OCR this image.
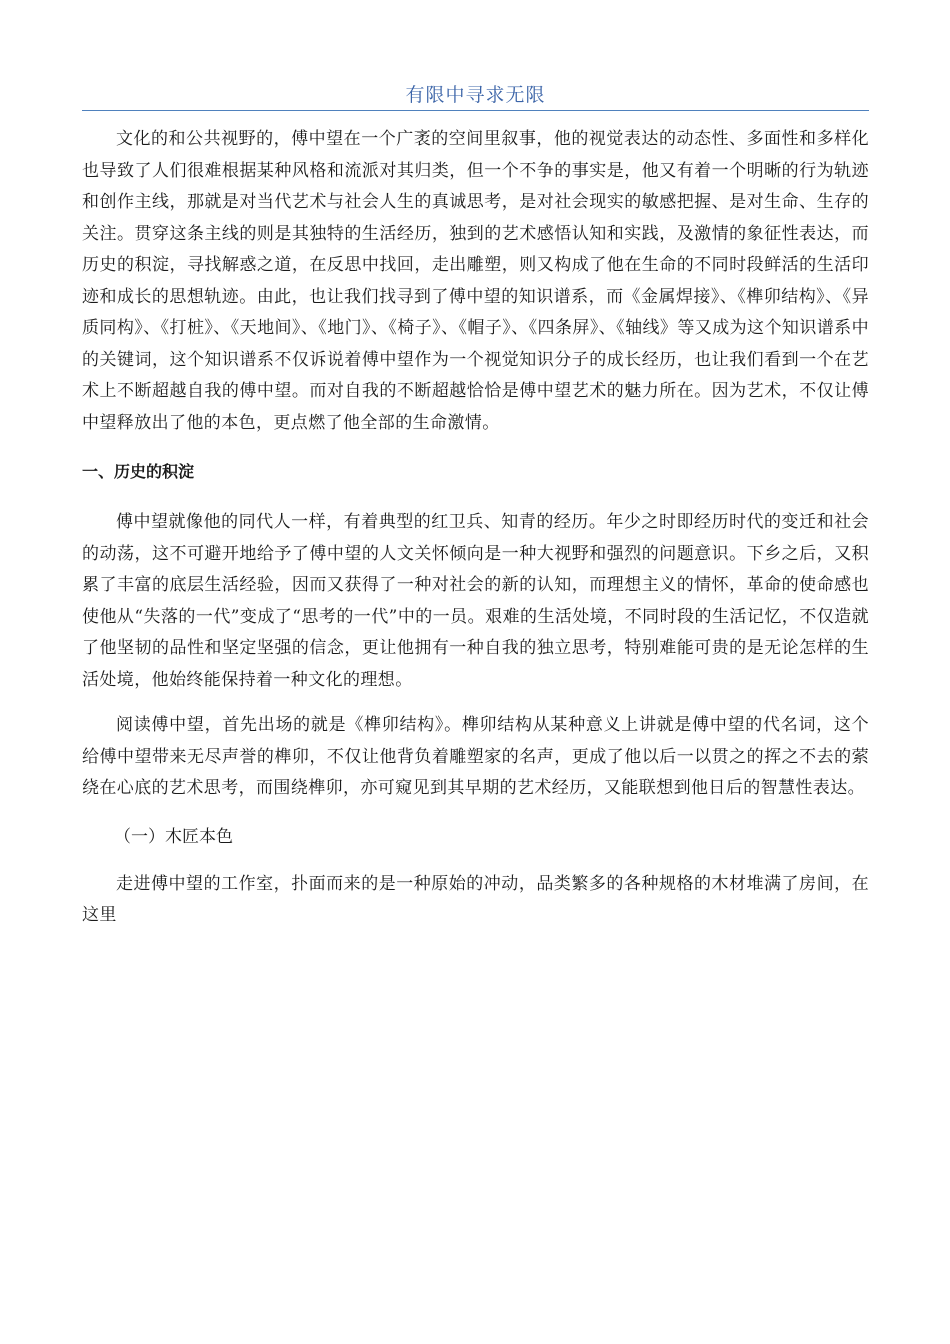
有限中寻求无限

文化的和公共视野的，傅中望在一个广袤的空间里叙事，他的视觉表达的动态性、多面性和多样化也导致了人们很难根据某种风格和流派对其归类，但一个不争的事实是，他又有着一个明晰的行为轨迹和创作主线，那就是对当代艺术与社会人生的真诚思考，是对社会现实的敏感把握、是对生命、生存的关注。贯穿这条主线的则是其独特的生活经历，独到的艺术感悟认知和实践，及激情的象征性表达，而历史的积淀，寻找解惑之道，在反思中找回，走出雕塑，则又构成了他在生命的不同时段鲜活的生活印迹和成长的思想轨迹。由此，也让我们找寻到了傅中望的知识谱系，而《金属焊接》、《榫卯结构》、《异质同构》、《打桩》、《天地间》、《地门》、《椅子》、《帽子》、《四条屏》、《轴线》等又成为这个知识谱系中的关键词，这个知识谱系不仅诉说着傅中望作为一个视觉知识分子的成长经历，也让我们看到一个在艺术上不断超越自我的傅中望。而对自我的不断超越恰恰是傅中望艺术的魅力所在。因为艺术，不仅让傅中望释放出了他的本色，更点燃了他全部的生命激情。

一、历史的积淀

傅中望就像他的同代人一样，有着典型的红卫兵、知青的经历。年少之时即经历时代的变迁和社会的动荡，这不可避开地给予了傅中望的人文关怀倾向是一种大视野和强烈的问题意识。下乡之后，又积累了丰富的底层生活经验，因而又获得了一种对社会的新的认知，而理想主义的情怀，革命的使命感也使他从“失落的一代”变成了“思考的一代”中的一员。艰难的生活处境，不同时段的生活记忆，不仅造就了他坚韧的品性和坚定坚强的信念，更让他拥有一种自我的独立思考，特别难能可贵的是无论怎样的生活处境，他始终能保持着一种文化的理想。

阅读傅中望，首先出场的就是《榫卯结构》。榫卯结构从某种意义上讲就是傅中望的代名词，这个给傅中望带来无尽声誉的榫卯，不仅让他背负着雕塑家的名声，更成了他以后一以贯之的挥之不去的萦绕在心底的艺术思考，而围绕榫卯，亦可窥见到其早期的艺术经历，又能联想到他日后的智慧性表达。

（一）木匠本色

走进傅中望的工作室，扑面而来的是一种原始的冲动，品类繁多的各种规格的木材堆满了房间，在这里
